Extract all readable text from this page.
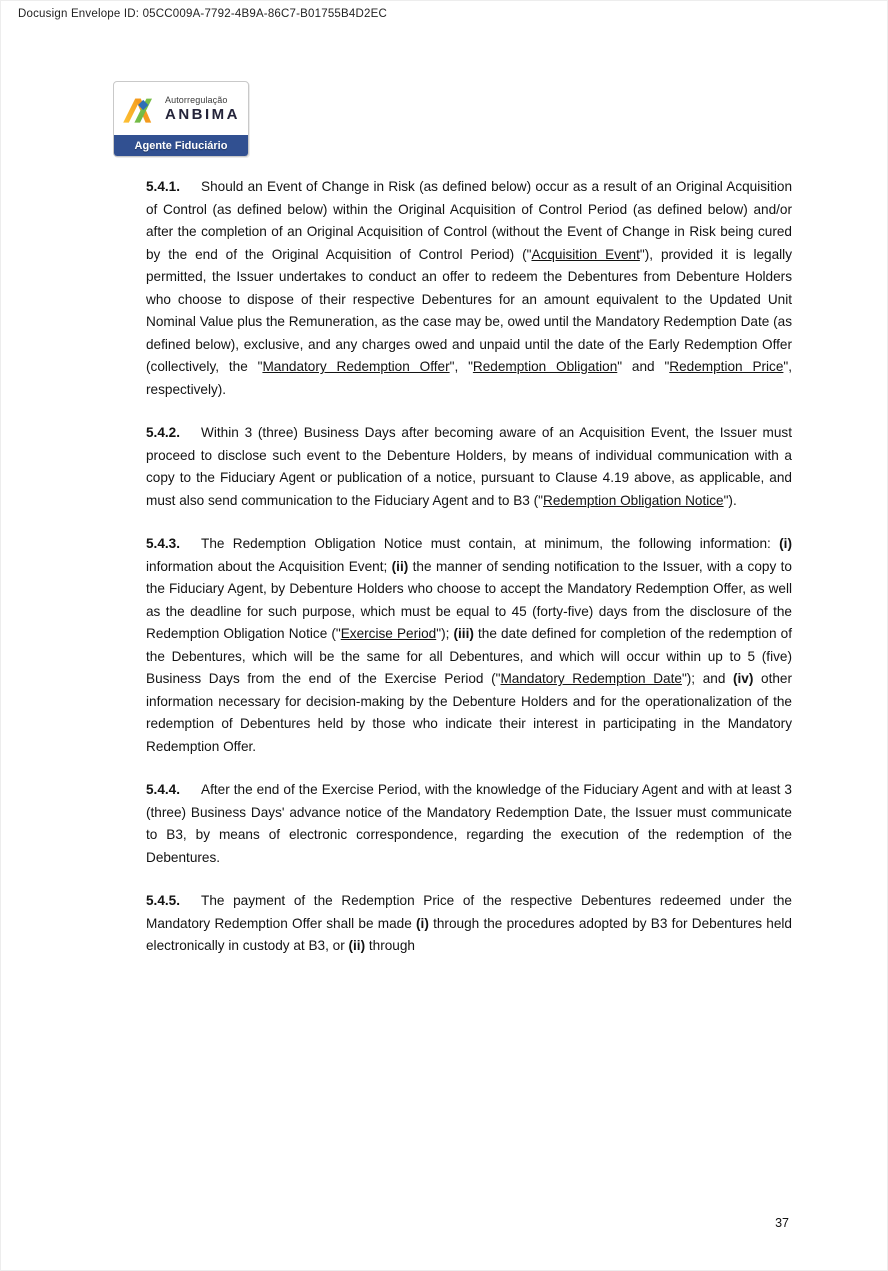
Docusign Envelope ID: 05CC009A-7792-4B9A-86C7-B01755B4D2EC
Autorregulação
ANBIMA
Agente Fiduciário

5.4.1. Should an Event of Change in Risk (as defined below) occur as a result of an Original Acquisition of Control (as defined below) within the Original Acquisition of Control Period (as defined below) and/or after the completion of an Original Acquisition of Control (without the Event of Change in Risk being cured by the end of the Original Acquisition of Control Period) ("Acquisition Event"), provided it is legally permitted, the Issuer undertakes to conduct an offer to redeem the Debentures from Debenture Holders who choose to dispose of their respective Debentures for an amount equivalent to the Updated Unit Nominal Value plus the Remuneration, as the case may be, owed until the Mandatory Redemption Date (as defined below), exclusive, and any charges owed and unpaid until the date of the Early Redemption Offer (collectively, the "Mandatory Redemption Offer", "Redemption Obligation" and "Redemption Price", respectively).

5.4.2. Within 3 (three) Business Days after becoming aware of an Acquisition Event, the Issuer must proceed to disclose such event to the Debenture Holders, by means of individual communication with a copy to the Fiduciary Agent or publication of a notice, pursuant to Clause 4.19 above, as applicable, and must also send communication to the Fiduciary Agent and to B3 ("Redemption Obligation Notice").

5.4.3. The Redemption Obligation Notice must contain, at minimum, the following information: (i) information about the Acquisition Event; (ii) the manner of sending notification to the Issuer, with a copy to the Fiduciary Agent, by Debenture Holders who choose to accept the Mandatory Redemption Offer, as well as the deadline for such purpose, which must be equal to 45 (forty-five) days from the disclosure of the Redemption Obligation Notice ("Exercise Period"); (iii) the date defined for completion of the redemption of the Debentures, which will be the same for all Debentures, and which will occur within up to 5 (five) Business Days from the end of the Exercise Period ("Mandatory Redemption Date"); and (iv) other information necessary for decision-making by the Debenture Holders and for the operationalization of the redemption of Debentures held by those who indicate their interest in participating in the Mandatory Redemption Offer.

5.4.4. After the end of the Exercise Period, with the knowledge of the Fiduciary Agent and with at least 3 (three) Business Days' advance notice of the Mandatory Redemption Date, the Issuer must communicate to B3, by means of electronic correspondence, regarding the execution of the redemption of the Debentures.

5.4.5. The payment of the Redemption Price of the respective Debentures redeemed under the Mandatory Redemption Offer shall be made (i) through the procedures adopted by B3 for Debentures held electronically in custody at B3, or (ii) through

37
